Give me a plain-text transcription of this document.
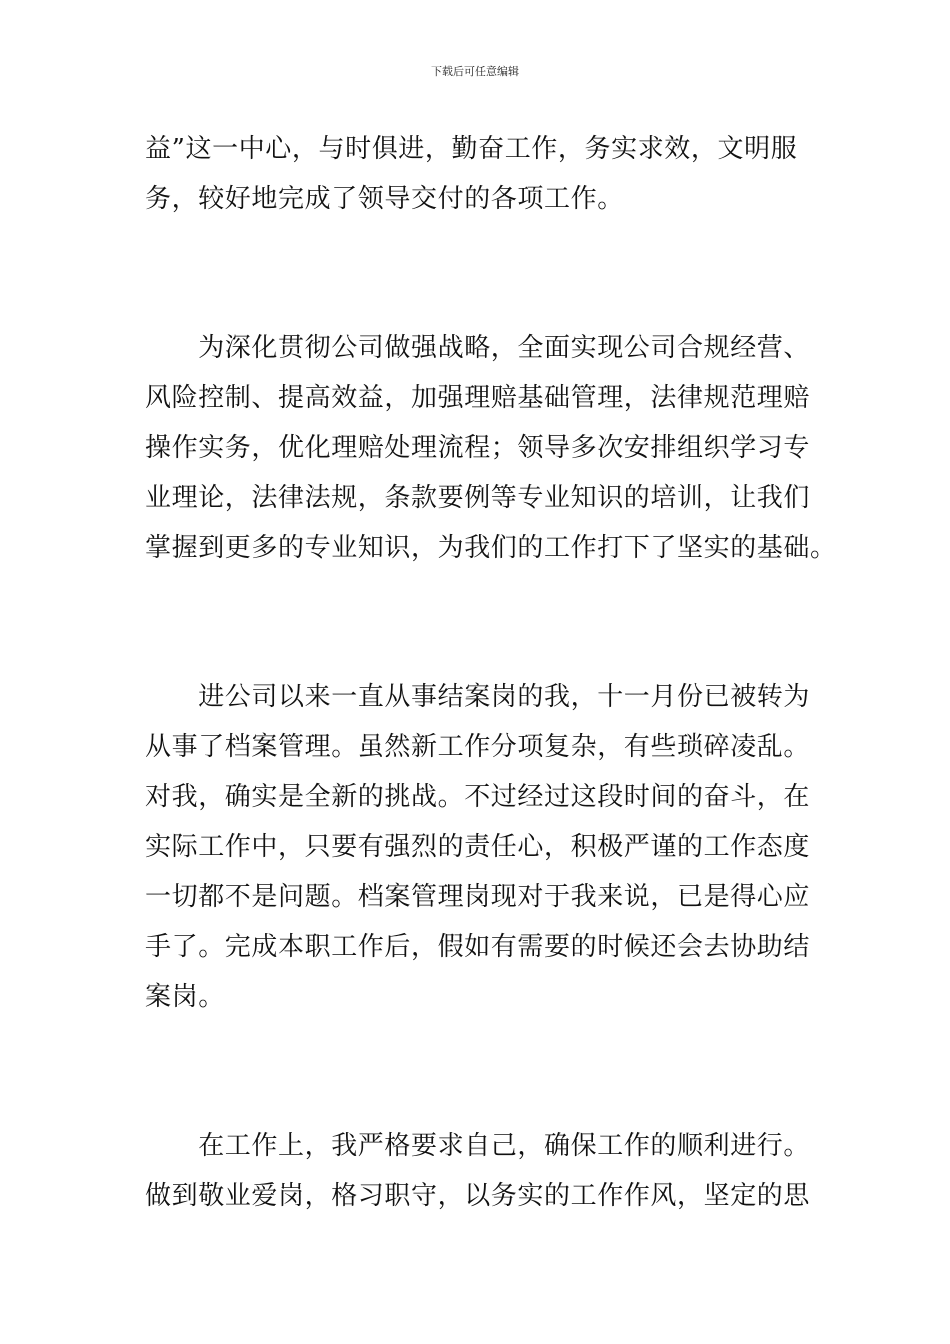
下载后可任意编辑
益”这一中心，与时俱进，勤奋工作，务实求效，文明服
务，较好地完成了领导交付的各项工作。
　　为深化贯彻公司做强战略，全面实现公司合规经营、
风险控制、提高效益，加强理赔基础管理，法律规范理赔
操作实务，优化理赔处理流程；领导多次安排组织学习专
业理论，法律法规，条款要例等专业知识的培训，让我们
掌握到更多的专业知识，为我们的工作打下了坚实的基础。
　　进公司以来一直从事结案岗的我，十一月份已被转为
从事了档案管理。虽然新工作分项复杂，有些琐碎凌乱。
对我，确实是全新的挑战。不过经过这段时间的奋斗，在
实际工作中，只要有强烈的责任心，积极严谨的工作态度
一切都不是问题。档案管理岗现对于我来说，已是得心应
手了。完成本职工作后，假如有需要的时候还会去协助结
案岗。
　　在工作上，我严格要求自己，确保工作的顺利进行。
做到敬业爱岗，格习职守，以务实的工作作风，坚定的思
